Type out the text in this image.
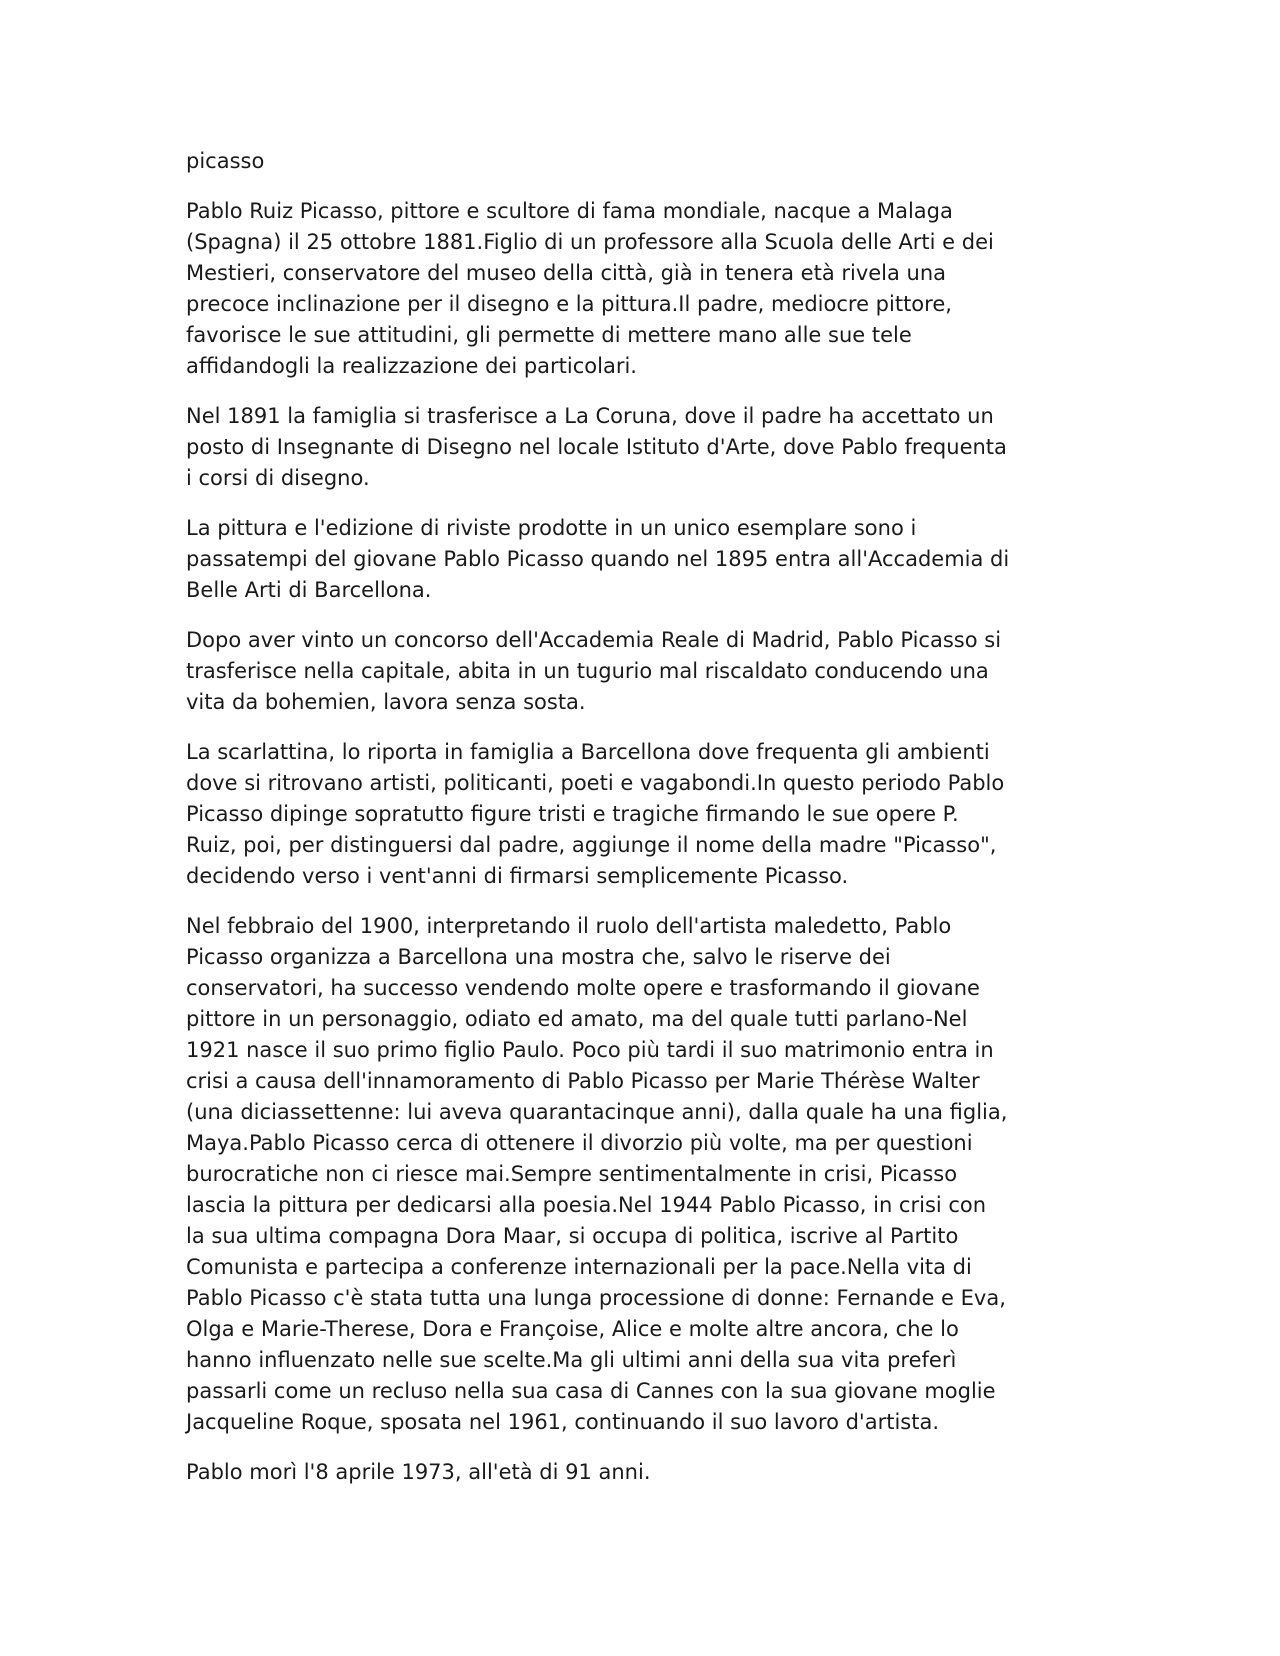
picasso
Pablo Ruiz Picasso, pittore e scultore di fama mondiale, nacque a Malaga
(Spagna) il 25 ottobre 1881.Figlio di un professore alla Scuola delle Arti e dei
Mestieri, conservatore del museo della città, già in tenera età rivela una
precoce inclinazione per il disegno e la pittura.Il padre, mediocre pittore,
favorisce le sue attitudini, gli permette di mettere mano alle sue tele
affidandogli la realizzazione dei particolari.
Nel 1891 la famiglia si trasferisce a La Coruna, dove il padre ha accettato un
posto di Insegnante di Disegno nel locale Istituto d'Arte, dove Pablo frequenta
i corsi di disegno.
La pittura e l'edizione di riviste prodotte in un unico esemplare sono i
passatempi del giovane Pablo Picasso quando nel 1895 entra all'Accademia di
Belle Arti di Barcellona.
Dopo aver vinto un concorso dell'Accademia Reale di Madrid, Pablo Picasso si
trasferisce nella capitale, abita in un tugurio mal riscaldato conducendo una
vita da bohemien, lavora senza sosta.
La scarlattina, lo riporta in famiglia a Barcellona dove frequenta gli ambienti
dove si ritrovano artisti, politicanti, poeti e vagabondi.In questo periodo Pablo
Picasso dipinge sopratutto figure tristi e tragiche firmando le sue opere P.
Ruiz, poi, per distinguersi dal padre, aggiunge il nome della madre "Picasso",
decidendo verso i vent'anni di firmarsi semplicemente Picasso.
Nel febbraio del 1900, interpretando il ruolo dell'artista maledetto, Pablo
Picasso organizza a Barcellona una mostra che, salvo le riserve dei
conservatori, ha successo vendendo molte opere e trasformando il giovane
pittore in un personaggio, odiato ed amato, ma del quale tutti parlano-Nel
1921 nasce il suo primo figlio Paulo. Poco più tardi il suo matrimonio entra in
crisi a causa dell'innamoramento di Pablo Picasso per Marie Thérèse Walter
(una diciassettenne: lui aveva quarantacinque anni), dalla quale ha una figlia,
Maya.Pablo Picasso cerca di ottenere il divorzio più volte, ma per questioni
burocratiche non ci riesce mai.Sempre sentimentalmente in crisi, Picasso
lascia la pittura per dedicarsi alla poesia.Nel 1944 Pablo Picasso, in crisi con
la sua ultima compagna Dora Maar, si occupa di politica, iscrive al Partito
Comunista e partecipa a conferenze internazionali per la pace.Nella vita di
Pablo Picasso c'è stata tutta una lunga processione di donne: Fernande e Eva,
Olga e Marie-Therese, Dora e Françoise, Alice e molte altre ancora, che lo
hanno influenzato nelle sue scelte.Ma gli ultimi anni della sua vita preferì
passarli come un recluso nella sua casa di Cannes con la sua giovane moglie
Jacqueline Roque, sposata nel 1961, continuando il suo lavoro d'artista.
Pablo morì l'8 aprile 1973, all'età di 91 anni.
